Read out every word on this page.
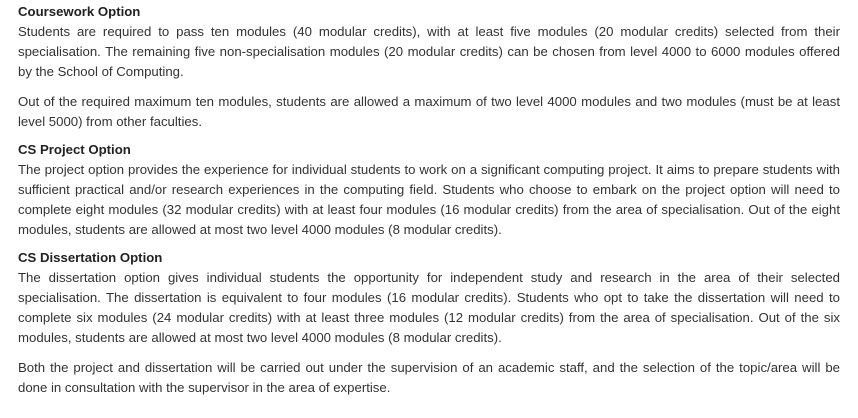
Coursework Option

Students are required to pass ten modules (40 modular credits), with at least five modules (20 modular credits) selected from their specialisation. The remaining five non-specialisation modules (20 modular credits) can be chosen from level 4000 to 6000 modules offered by the School of Computing.

Out of the required maximum ten modules, students are allowed a maximum of two level 4000 modules and two modules (must be at least level 5000) from other faculties.

CS Project Option

The project option provides the experience for individual students to work on a significant computing project. It aims to prepare students with sufficient practical and/or research experiences in the computing field. Students who choose to embark on the project option will need to complete eight modules (32 modular credits) with at least four modules (16 modular credits) from the area of specialisation. Out of the eight modules, students are allowed at most two level 4000 modules (8 modular credits).

CS Dissertation Option

The dissertation option gives individual students the opportunity for independent study and research in the area of their selected specialisation. The dissertation is equivalent to four modules (16 modular credits). Students who opt to take the dissertation will need to complete six modules (24 modular credits) with at least three modules (12 modular credits) from the area of specialisation. Out of the six modules, students are allowed at most two level 4000 modules (8 modular credits).

Both the project and dissertation will be carried out under the supervision of an academic staff, and the selection of the topic/area will be done in consultation with the supervisor in the area of expertise.
